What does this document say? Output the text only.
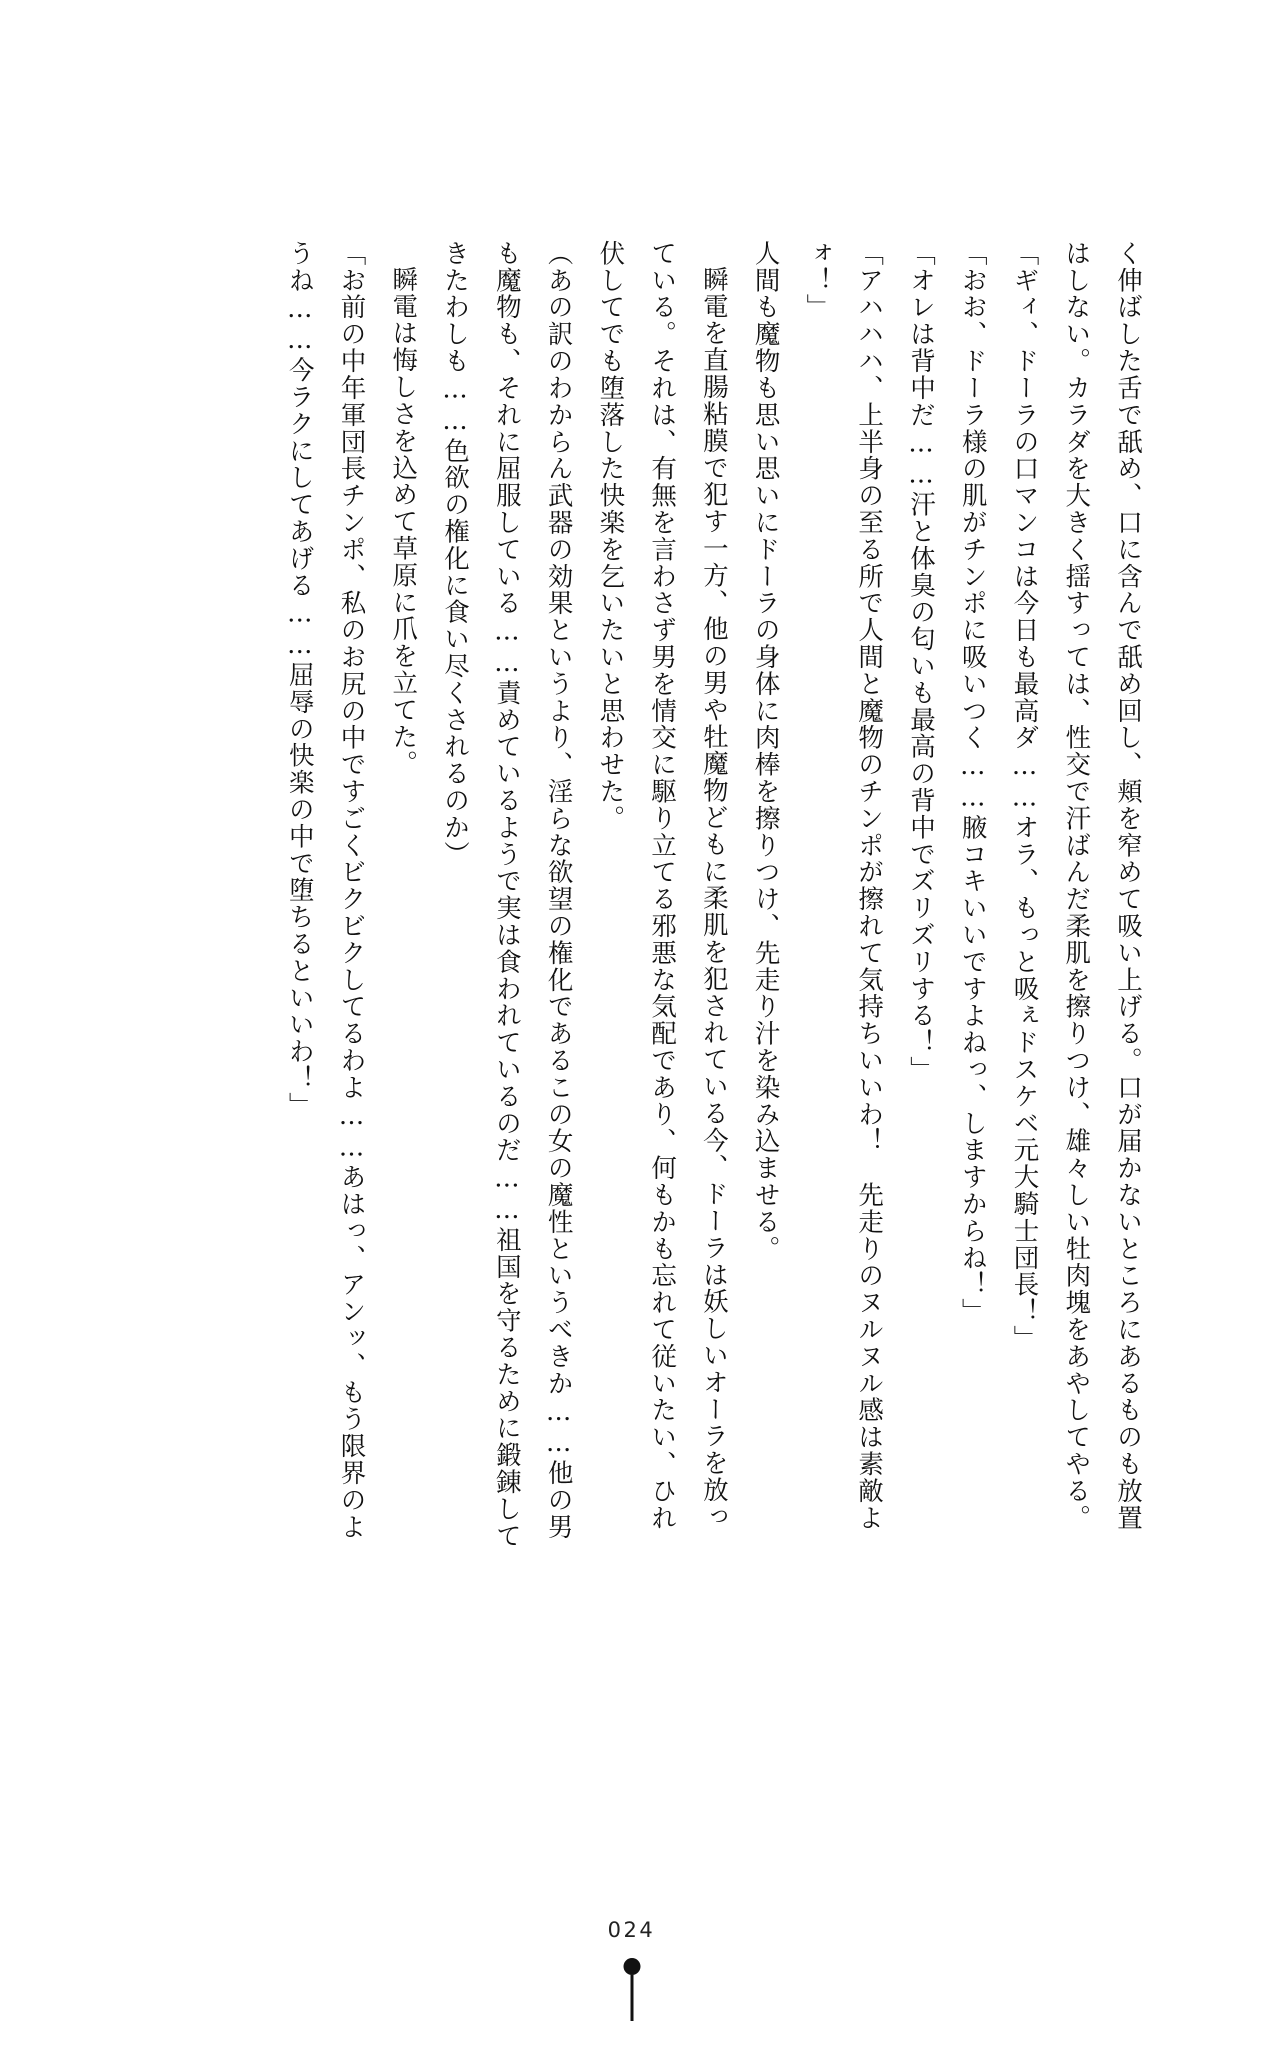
く伸ばした舌で舐め、口に含んで舐め回し、頬を窄めて吸い上げる。口が届かないところにあるものも放置はしない。カラダを大きく揺すっては、性交で汗ばんだ柔肌を擦りつけ、雄々しい牡肉塊をあやしてやる。

「ギィ、ドーラの口マンコは今日も最高ダ……オラ、もっと吸ぇドスケベ元大騎士団長！」

「おお、ドーラ様の肌がチンポに吸いつく……腋コキいいですよねっ、しますからね！」

「オレは背中だ……汗と体臭の匂いも最高の背中でズリズリする！」

「アハハハ、上半身の至る所で人間と魔物のチンポが擦れて気持ちいいわ！　先走りのヌルヌル感は素敵よォ！」

人間も魔物も思い思いにドーラの身体に肉棒を擦りつけ、先走り汁を染み込ませる。

瞬電を直腸粘膜で犯す一方、他の男や牡魔物どもに柔肌を犯されている今、ドーラは妖しいオーラを放っている。それは、有無を言わさず男を情交に駆り立てる邪悪な気配であり、何もかも忘れて従いたい、ひれ伏してでも堕落した快楽を乞いたいと思わせた。

（あの訳のわからん武器の効果というより、淫らな欲望の権化であるこの女の魔性というべきか……他の男も魔物も、それに屈服している……責めているようで実は食われているのだ……祖国を守るために鍛錬してきたわしも……色欲の権化に食い尽くされるのか）

瞬電は悔しさを込めて草原に爪を立てた。

「お前の中年軍団長チンポ、私のお尻の中ですごくビクビクしてるわよ……あはっ、アンッ、もう限界のようね……今ラクにしてあげる……屈辱の快楽の中で堕ちるといいわ！」

024
